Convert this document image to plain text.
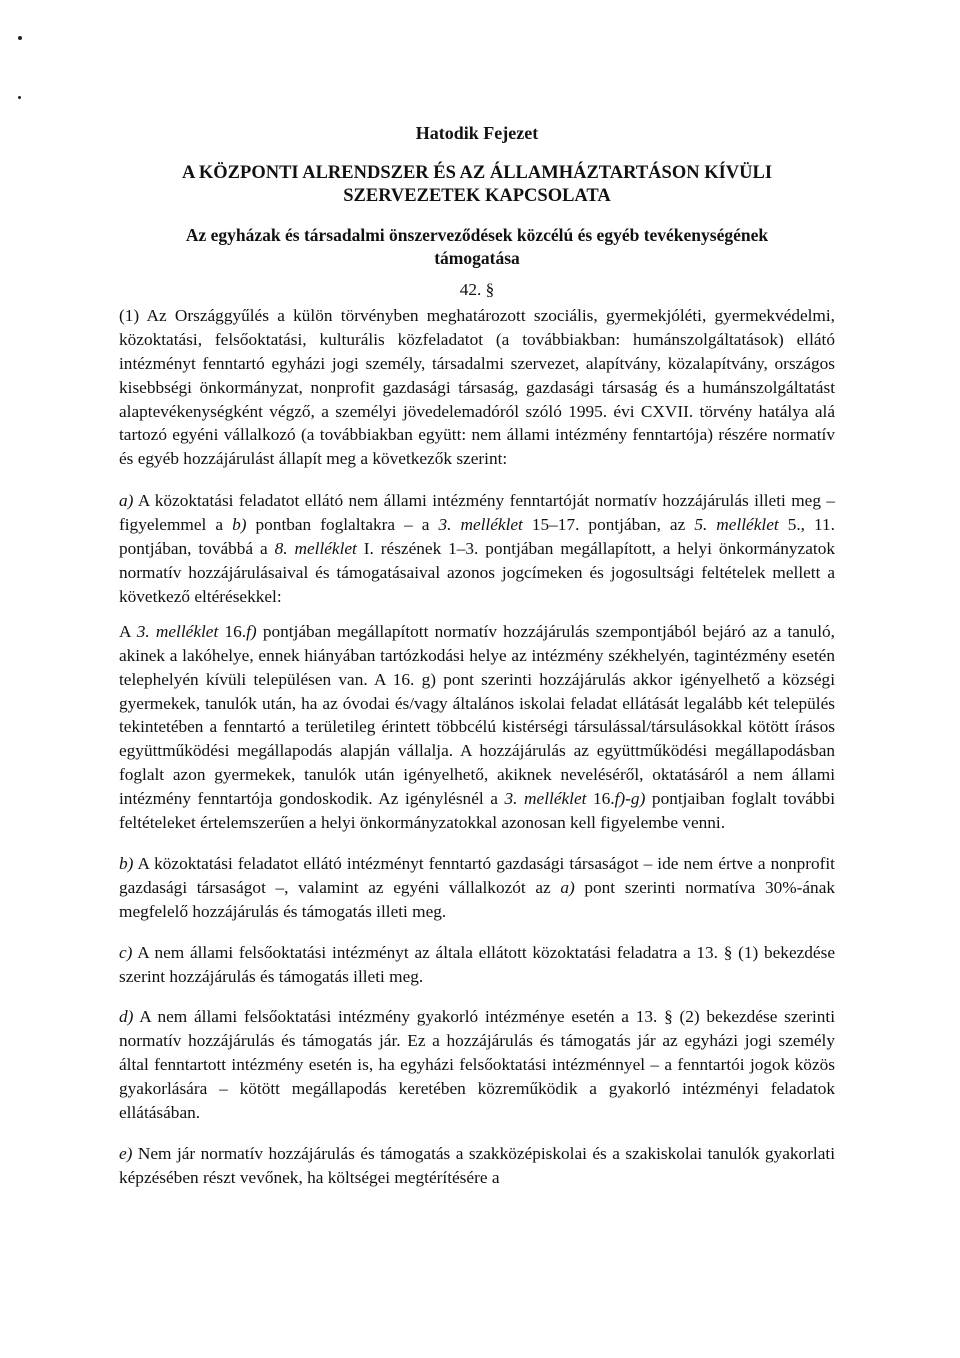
Hatodik Fejezet
A KÖZPONTI ALRENDSZER ÉS AZ ÁLLAMHÁZTARTÁSON KÍVÜLI
SZERVEZETEK KAPCSOLATA
Az egyházak és társadalmi önszerveződések közcélú és egyéb tevékenységének
támogatása
42. §

(1) Az Országgyűlés a külön törvényben meghatározott szociális, gyermekjóléti, gyermekvédelmi, közoktatási, felsőoktatási, kulturális közfeladatot (a továbbiakban: humánszolgáltatások) ellátó intézményt fenntartó egyházi jogi személy, társadalmi szervezet, alapítvány, közalapítvány, országos kisebbségi önkormányzat, nonprofit gazdasági társaság, gazdasági társaság és a humánszolgáltatást alaptevékenységként végző, a személyi jövedelemadóról szóló 1995. évi CXVII. törvény hatálya alá tartozó egyéni vállalkozó (a továbbiakban együtt: nem állami intézmény fenntartója) részére normatív és egyéb hozzájárulást állapít meg a következők szerint:

a) A közoktatási feladatot ellátó nem állami intézmény fenntartóját normatív hozzájárulás illeti meg – figyelemmel a b) pontban foglaltakra – a 3. melléklet 15–17. pontjában, az 5. melléklet 5., 11. pontjában, továbbá a 8. melléklet I. részének 1–3. pontjában megállapított, a helyi önkormányzatok normatív hozzájárulásaival és támogatásaival azonos jogcímeken és jogosultsági feltételek mellett a következő eltérésekkel:

A 3. melléklet 16.f) pontjában megállapított normatív hozzájárulás szempontjából bejáró az a tanuló, akinek a lakóhelye, ennek hiányában tartózkodási helye az intézmény székhelyén, tagintézmény esetén telephelyén kívüli településen van. A 16. g) pont szerinti hozzájárulás akkor igényelhető a községi gyermekek, tanulók után, ha az óvodai és/vagy általános iskolai feladat ellátását legalább két település tekintetében a fenntartó a területileg érintett többcélú kistérségi társulással/társulásokkal kötött írásos együttműködési megállapodás alapján vállalja. A hozzájárulás az együttműködési megállapodásban foglalt azon gyermekek, tanulók után igényelhető, akiknek neveléséről, oktatásáról a nem állami intézmény fenntartója gondoskodik. Az igénylésnél a 3. melléklet 16.f)-g) pontjaiban foglalt további feltételeket értelemszerűen a helyi önkormányzatokkal azonosan kell figyelembe venni.

b) A közoktatási feladatot ellátó intézményt fenntartó gazdasági társaságot – ide nem értve a nonprofit gazdasági társaságot –, valamint az egyéni vállalkozót az a) pont szerinti normatíva 30%-ának megfelelő hozzájárulás és támogatás illeti meg.

c) A nem állami felsőoktatási intézményt az általa ellátott közoktatási feladatra a 13. § (1) bekezdése szerint hozzájárulás és támogatás illeti meg.

d) A nem állami felsőoktatási intézmény gyakorló intézménye esetén a 13. § (2) bekezdése szerinti normatív hozzájárulás és támogatás jár. Ez a hozzájárulás és támogatás jár az egyházi jogi személy által fenntartott intézmény esetén is, ha egyházi felsőoktatási intézménnyel – a fenntartói jogok közös gyakorlására – kötött megállapodás keretében közreműködik a gyakorló intézményi feladatok ellátásában.

e) Nem jár normatív hozzájárulás és támogatás a szakközépiskolai és a szakiskolai tanulók gyakorlati képzésében részt vevőnek, ha költségei megtérítésére a
